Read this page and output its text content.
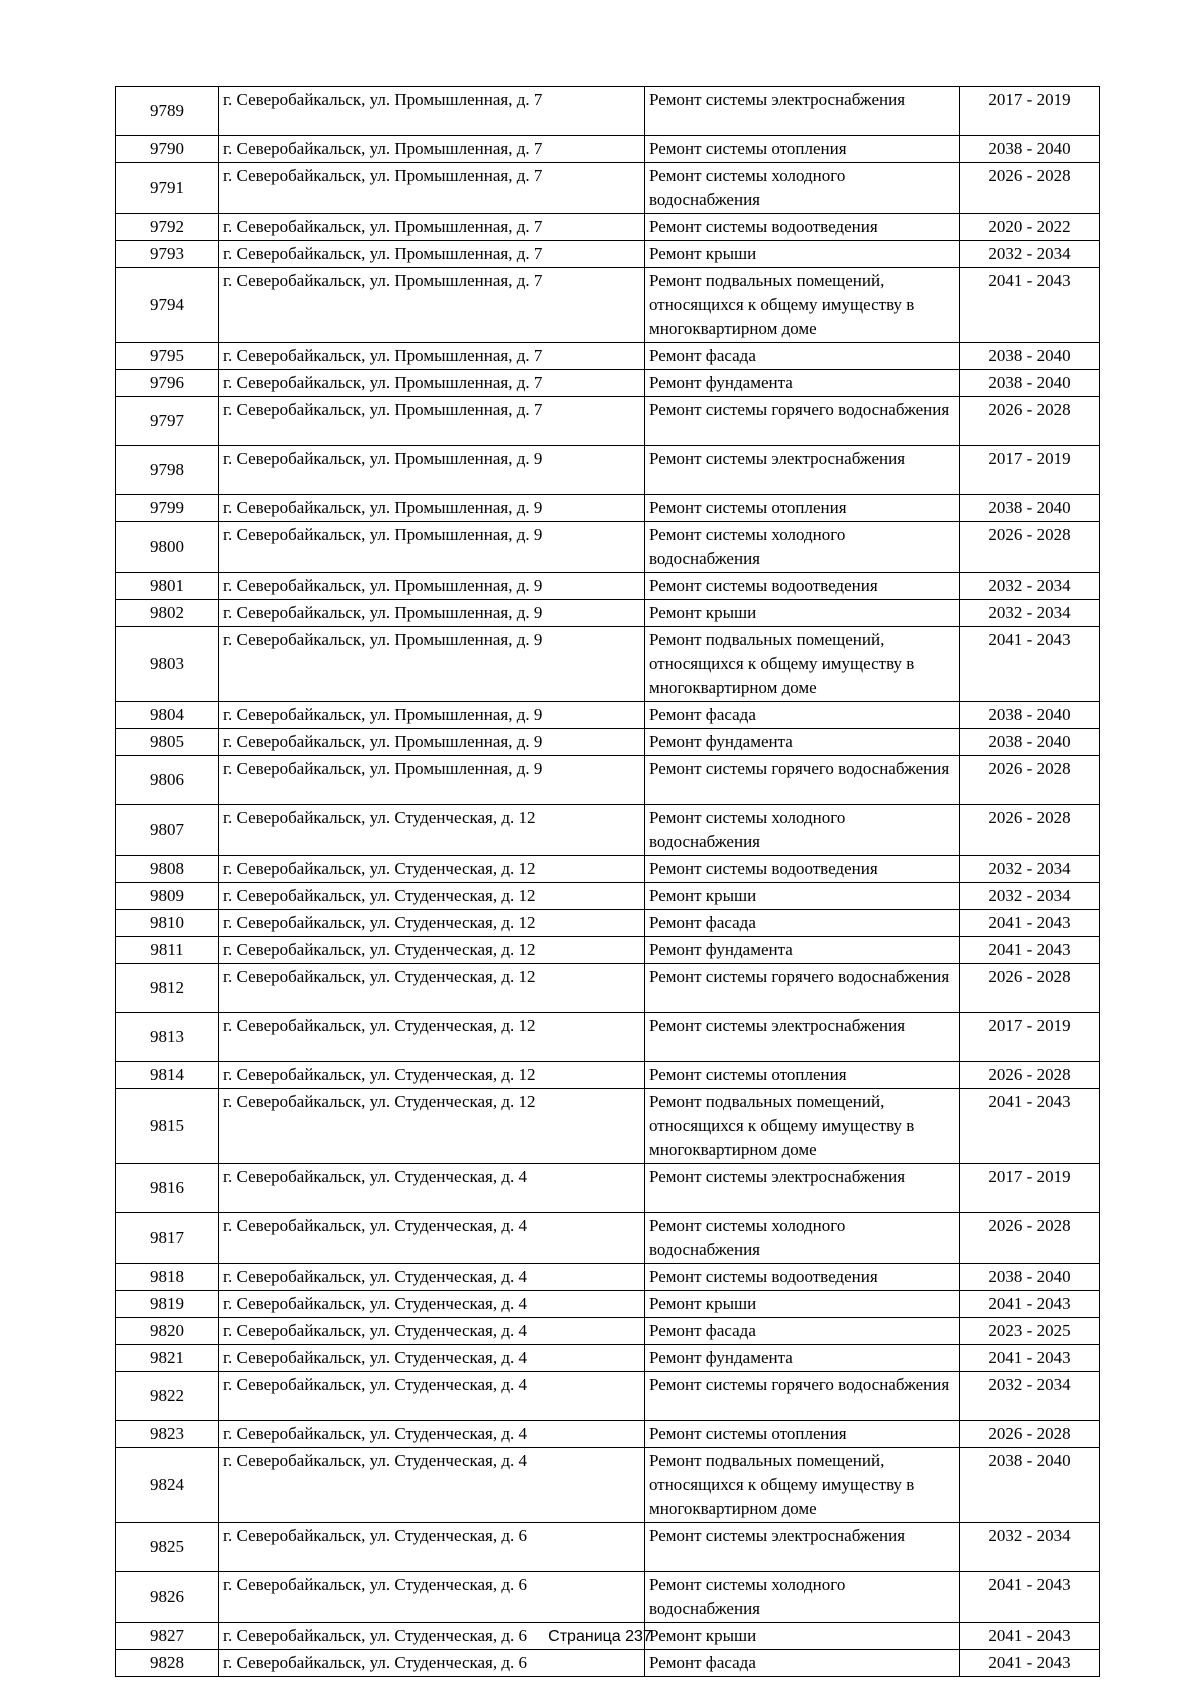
9789	г. Северобайкальск, ул. Промышленная, д. 7	Ремонт системы электроснабжения	2017 - 2019
9790	г. Северобайкальск, ул. Промышленная, д. 7	Ремонт системы отопления	2038 - 2040
9791	г. Северобайкальск, ул. Промышленная, д. 7	Ремонт системы холодного водоснабжения	2026 - 2028
9792	г. Северобайкальск, ул. Промышленная, д. 7	Ремонт системы водоотведения	2020 - 2022
9793	г. Северобайкальск, ул. Промышленная, д. 7	Ремонт крыши	2032 - 2034
9794	г. Северобайкальск, ул. Промышленная, д. 7	Ремонт подвальных помещений, относящихся к общему имуществу в многоквартирном доме	2041 - 2043
9795	г. Северобайкальск, ул. Промышленная, д. 7	Ремонт фасада	2038 - 2040
9796	г. Северобайкальск, ул. Промышленная, д. 7	Ремонт фундамента	2038 - 2040
9797	г. Северобайкальск, ул. Промышленная, д. 7	Ремонт системы горячего водоснабжения	2026 - 2028
9798	г. Северобайкальск, ул. Промышленная, д. 9	Ремонт системы электроснабжения	2017 - 2019
9799	г. Северобайкальск, ул. Промышленная, д. 9	Ремонт системы отопления	2038 - 2040
9800	г. Северобайкальск, ул. Промышленная, д. 9	Ремонт системы холодного водоснабжения	2026 - 2028
9801	г. Северобайкальск, ул. Промышленная, д. 9	Ремонт системы водоотведения	2032 - 2034
9802	г. Северобайкальск, ул. Промышленная, д. 9	Ремонт крыши	2032 - 2034
9803	г. Северобайкальск, ул. Промышленная, д. 9	Ремонт подвальных помещений, относящихся к общему имуществу в многоквартирном доме	2041 - 2043
9804	г. Северобайкальск, ул. Промышленная, д. 9	Ремонт фасада	2038 - 2040
9805	г. Северобайкальск, ул. Промышленная, д. 9	Ремонт фундамента	2038 - 2040
9806	г. Северобайкальск, ул. Промышленная, д. 9	Ремонт системы горячего водоснабжения	2026 - 2028
9807	г. Северобайкальск, ул. Студенческая, д. 12	Ремонт системы холодного водоснабжения	2026 - 2028
9808	г. Северобайкальск, ул. Студенческая, д. 12	Ремонт системы водоотведения	2032 - 2034
9809	г. Северобайкальск, ул. Студенческая, д. 12	Ремонт крыши	2032 - 2034
9810	г. Северобайкальск, ул. Студенческая, д. 12	Ремонт фасада	2041 - 2043
9811	г. Северобайкальск, ул. Студенческая, д. 12	Ремонт фундамента	2041 - 2043
9812	г. Северобайкальск, ул. Студенческая, д. 12	Ремонт системы горячего водоснабжения	2026 - 2028
9813	г. Северобайкальск, ул. Студенческая, д. 12	Ремонт системы электроснабжения	2017 - 2019
9814	г. Северобайкальск, ул. Студенческая, д. 12	Ремонт системы отопления	2026 - 2028
9815	г. Северобайкальск, ул. Студенческая, д. 12	Ремонт подвальных помещений, относящихся к общему имуществу в многоквартирном доме	2041 - 2043
9816	г. Северобайкальск, ул. Студенческая, д. 4	Ремонт системы электроснабжения	2017 - 2019
9817	г. Северобайкальск, ул. Студенческая, д. 4	Ремонт системы холодного водоснабжения	2026 - 2028
9818	г. Северобайкальск, ул. Студенческая, д. 4	Ремонт системы водоотведения	2038 - 2040
9819	г. Северобайкальск, ул. Студенческая, д. 4	Ремонт крыши	2041 - 2043
9820	г. Северобайкальск, ул. Студенческая, д. 4	Ремонт фасада	2023 - 2025
9821	г. Северобайкальск, ул. Студенческая, д. 4	Ремонт фундамента	2041 - 2043
9822	г. Северобайкальск, ул. Студенческая, д. 4	Ремонт системы горячего водоснабжения	2032 - 2034
9823	г. Северобайкальск, ул. Студенческая, д. 4	Ремонт системы отопления	2026 - 2028
9824	г. Северобайкальск, ул. Студенческая, д. 4	Ремонт подвальных помещений, относящихся к общему имуществу в многоквартирном доме	2038 - 2040
9825	г. Северобайкальск, ул. Студенческая, д. 6	Ремонт системы электроснабжения	2032 - 2034
9826	г. Северобайкальск, ул. Студенческая, д. 6	Ремонт системы холодного водоснабжения	2041 - 2043
9827	г. Северобайкальск, ул. Студенческая, д. 6	Ремонт крыши	2041 - 2043
9828	г. Северобайкальск, ул. Студенческая, д. 6	Ремонт фасада	2041 - 2043
Страница 237
